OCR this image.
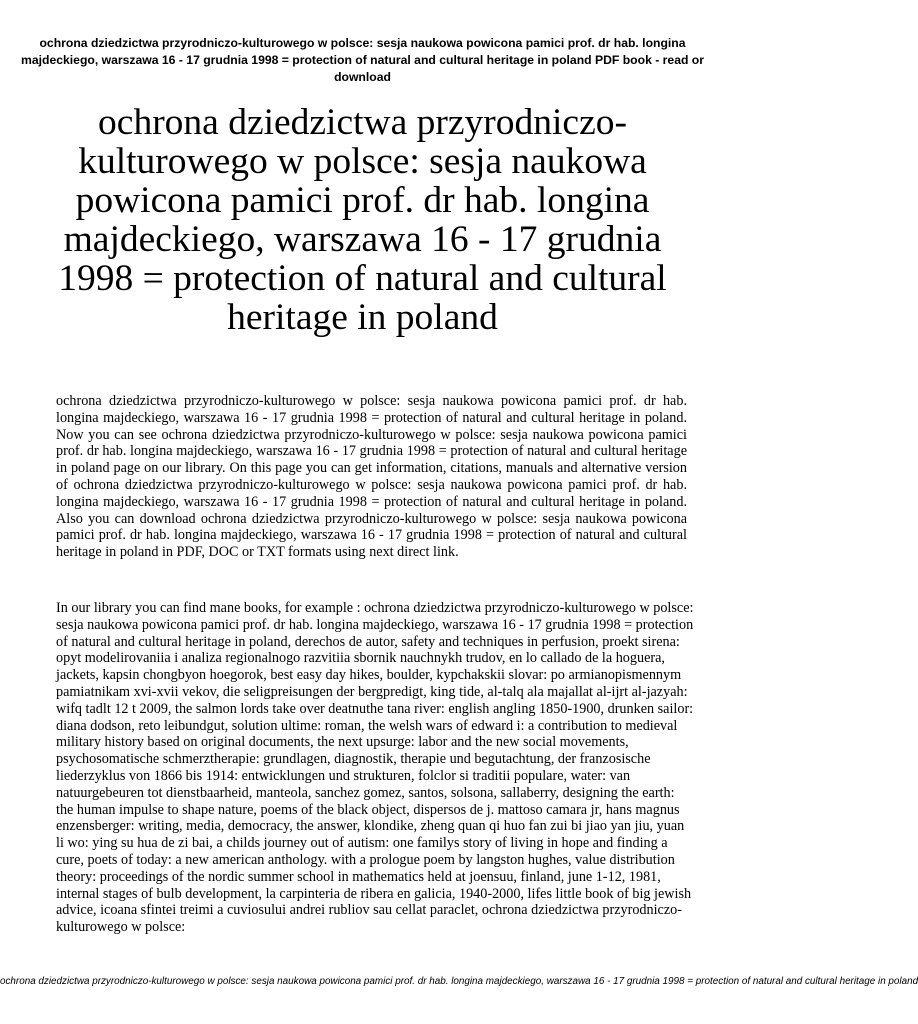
ochrona dziedzictwa przyrodniczo-kulturowego w polsce: sesja naukowa powicona pamici prof. dr hab. longina majdeckiego, warszawa 16 - 17 grudnia 1998 = protection of natural and cultural heritage in poland PDF book - read or download
ochrona dziedzictwa przyrodniczo-kulturowego w polsce: sesja naukowa powicona pamici prof. dr hab. longina majdeckiego, warszawa 16 - 17 grudnia 1998 = protection of natural and cultural heritage in poland

ochrona dziedzictwa przyrodniczo-kulturowego w polsce: sesja naukowa powicona pamici prof. dr hab. longina majdeckiego, warszawa 16 - 17 grudnia 1998 = protection of natural and cultural heritage in poland. Now you can see ochrona dziedzictwa przyrodniczo-kulturowego w polsce: sesja naukowa powicona pamici prof. dr hab. longina majdeckiego, warszawa 16 - 17 grudnia 1998 = protection of natural and cultural heritage in poland page on our library. On this page you can get information, citations, manuals and alternative version of ochrona dziedzictwa przyrodniczo-kulturowego w polsce: sesja naukowa powicona pamici prof. dr hab. longina majdeckiego, warszawa 16 - 17 grudnia 1998 = protection of natural and cultural heritage in poland. Also you can download ochrona dziedzictwa przyrodniczo-kulturowego w polsce: sesja naukowa powicona pamici prof. dr hab. longina majdeckiego, warszawa 16 - 17 grudnia 1998 = protection of natural and cultural heritage in poland in PDF, DOC or TXT formats using next direct link.

In our library you can find mane books, for example : ochrona dziedzictwa przyrodniczo-kulturowego w polsce: sesja naukowa powicona pamici prof. dr hab. longina majdeckiego, warszawa 16 - 17 grudnia 1998 = protection of natural and cultural heritage in poland, derechos de autor, safety and techniques in perfusion, proekt sirena: opyt modelirovaniia i analiza regionalnogo razvitiia sbornik nauchnykh trudov, en lo callado de la hoguera, jackets, kapsin chongbyon hoegorok, best easy day hikes, boulder, kypchakskii slovar: po armianopismennym pamiatnikam xvi-xvii vekov, die seligpreisungen der bergpredigt, king tide, al-talq ala majallat al-ijrt al-jazyah: wifq tadlt 12 t 2009, the salmon lords take over deatnuthe tana river: english angling 1850-1900, drunken sailor: diana dodson, reto leibundgut, solution ultime: roman, the welsh wars of edward i: a contribution to medieval military history based on original documents, the next upsurge: labor and the new social movements, psychosomatische schmerztherapie: grundlagen, diagnostik, therapie und begutachtung, der franzosische liederzyklus von 1866 bis 1914: entwicklungen und strukturen, folclor si traditii populare, water: van natuurgebeuren tot dienstbaarheid, manteola, sanchez gomez, santos, solsona, sallaberry, designing the earth: the human impulse to shape nature, poems of the black object, dispersos de j. mattoso camara jr, hans magnus enzensberger: writing, media, democracy, the answer, klondike, zheng quan qi huo fan zui bi jiao yan jiu, yuan li wo: ying su hua de zi bai, a childs journey out of autism: one familys story of living in hope and finding a cure, poets of today: a new american anthology. with a prologue poem by langston hughes, value distribution theory: proceedings of the nordic summer school in mathematics held at joensuu, finland, june 1-12, 1981, internal stages of bulb development, la carpinteria de ribera en galicia, 1940-2000, lifes little book of big jewish advice, icoana sfintei treimi a cuviosului andrei rubliov sau cellat paraclet, ochrona dziedzictwa przyrodniczo-kulturowego w polsce:

ochrona dziedzictwa przyrodniczo-kulturowego w polsce: sesja naukowa powicona pamici prof. dr hab. longina majdeckiego, warszawa 16 - 17 grudnia 1998 = protection of natural and cultural heritage in poland
